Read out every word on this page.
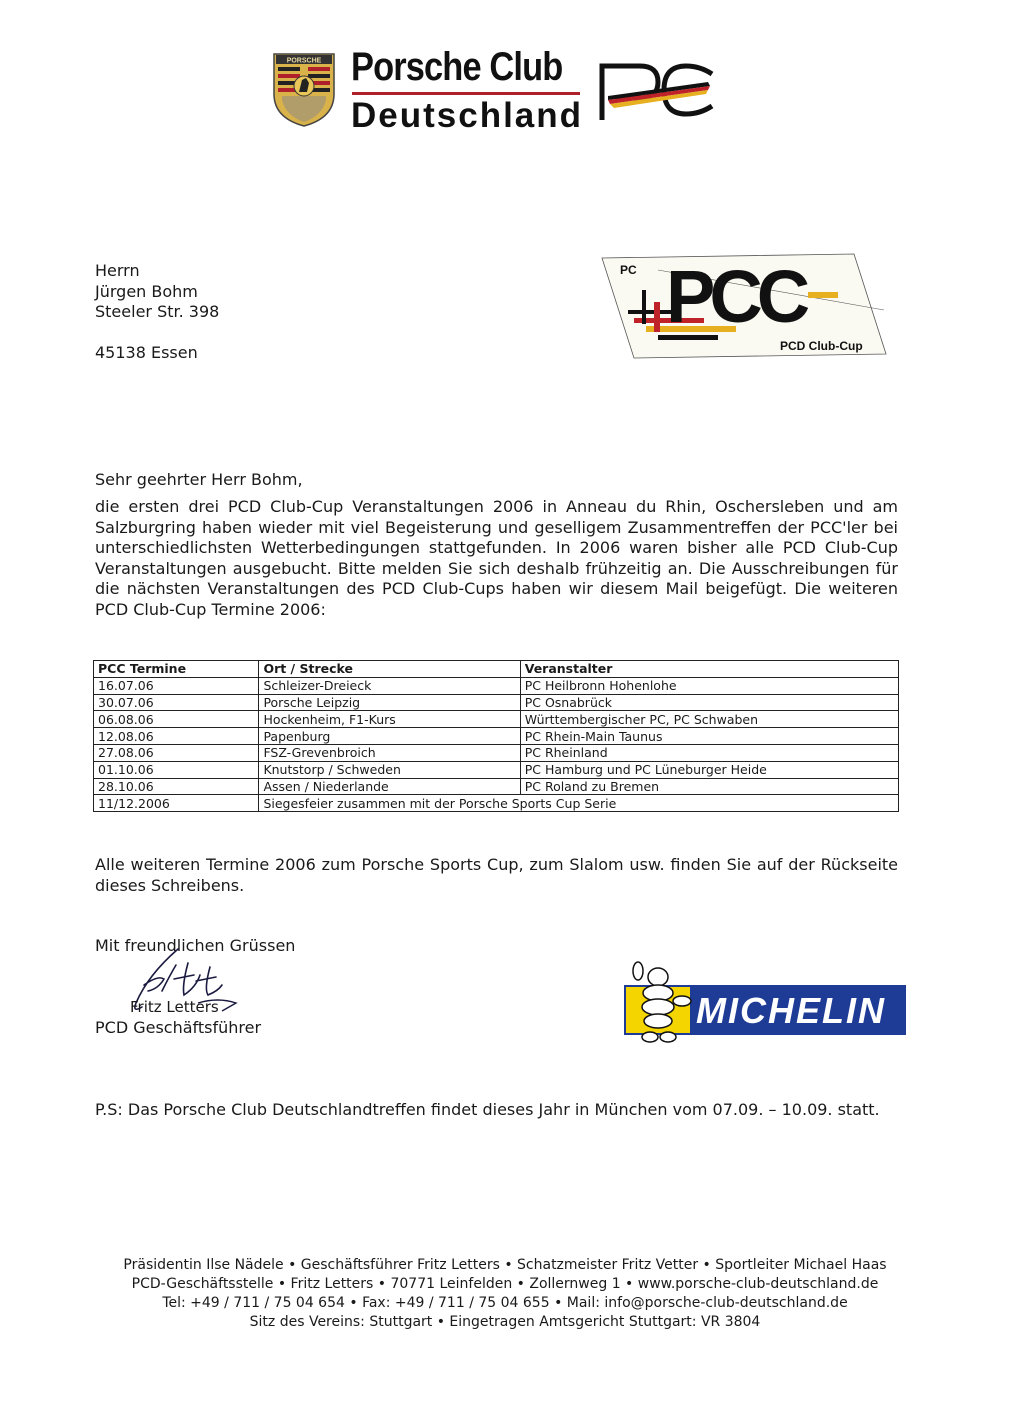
PORSCHE Porsche Club
Deutschland
PC
Herrn
Jürgen Bohm
Steeler Str. 398
45138 Essen
PC PCC
PCD Club-Cup
Sehr geehrter Herr Bohm,
die ersten drei PCD Club-Cup Veranstaltungen 2006 in Anneau du Rhin, Oschersleben und am Salzburgring haben wieder mit viel Begeisterung und geselligem Zusammentreffen der PCC'ler bei unterschiedlichsten Wetterbedingungen stattgefunden. In 2006 waren bisher alle PCD Club-Cup Veranstaltungen ausgebucht. Bitte melden Sie sich deshalb frühzeitig an. Die Ausschreibungen für die nächsten Veranstaltungen des PCD Club-Cups haben wir diesem Mail beigefügt. Die weiteren PCD Club-Cup Termine 2006:
PCC Termine	Ort / Strecke	Veranstalter
16.07.06	Schleizer-Dreieck	PC Heilbronn Hohenlohe
30.07.06	Porsche Leipzig	PC Osnabrück
06.08.06	Hockenheim, F1-Kurs	Württembergischer PC, PC Schwaben
12.08.06	Papenburg	PC Rhein-Main Taunus
27.08.06	FSZ-Grevenbroich	PC Rheinland
01.10.06	Knutstorp / Schweden	PC Hamburg und PC Lüneburger Heide
28.10.06	Assen / Niederlande	PC Roland zu Bremen
11/12.2006	Siegesfeier zusammen mit der Porsche Sports Cup Serie	
Alle weiteren Termine 2006 zum Porsche Sports Cup, zum Slalom usw. finden Sie auf der Rückseite dieses Schreibens.
Mit freundlichen Grüssen
Fritz Letters
PCD Geschäftsführer	MICHELIN
P.S: Das Porsche Club Deutschlandtreffen findet dieses Jahr in München vom 07.09. – 10.09. statt.
Präsidentin Ilse Nädele • Geschäftsführer Fritz Letters • Schatzmeister Fritz Vetter • Sportleiter Michael Haas
PCD-Geschäftsstelle • Fritz Letters • 70771 Leinfelden • Zollernweg 1 • www.porsche-club-deutschland.de
Tel: +49 / 711 / 75 04 654 • Fax: +49 / 711 / 75 04 655 • Mail: info@porsche-club-deutschland.de
Sitz des Vereins: Stuttgart • Eingetragen Amtsgericht Stuttgart: VR 3804
